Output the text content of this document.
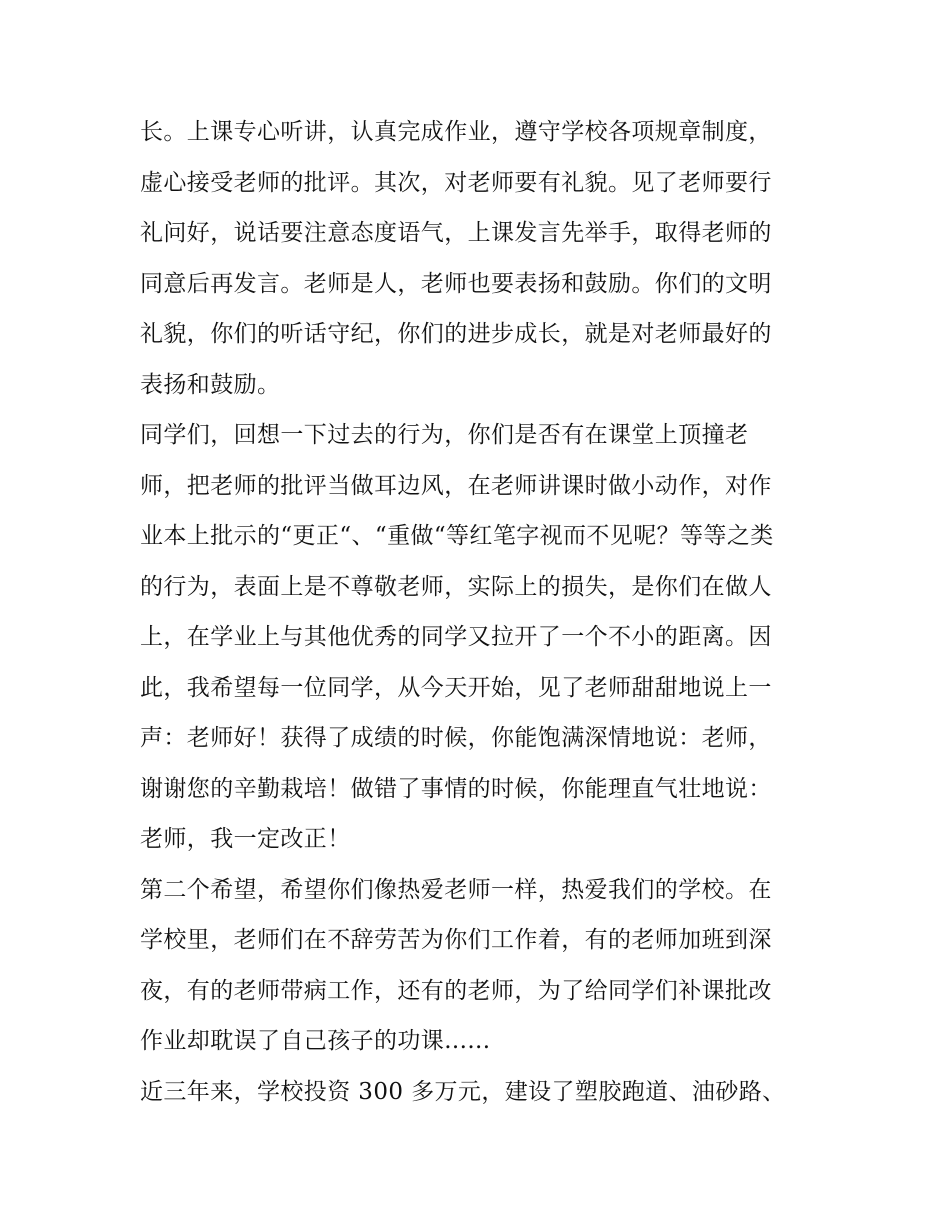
长。上课专心听讲，认真完成作业，遵守学校各项规章制度，
虚心接受老师的批评。其次，对老师要有礼貌。见了老师要行
礼问好，说话要注意态度语气，上课发言先举手，取得老师的
同意后再发言。老师是人，老师也要表扬和鼓励。你们的文明
礼貌，你们的听话守纪，你们的进步成长，就是对老师最好的
表扬和鼓励。
同学们，回想一下过去的行为，你们是否有在课堂上顶撞老
师，把老师的批评当做耳边风，在老师讲课时做小动作，对作
业本上批示的“更正“、“重做“等红笔字视而不见呢？等等之类
的行为，表面上是不尊敬老师，实际上的损失，是你们在做人
上，在学业上与其他优秀的同学又拉开了一个不小的距离。因
此，我希望每一位同学，从今天开始，见了老师甜甜地说上一
声：老师好！获得了成绩的时候，你能饱满深情地说：老师，
谢谢您的辛勤栽培！做错了事情的时候，你能理直气壮地说：
老师，我一定改正！
第二个希望，希望你们像热爱老师一样，热爱我们的学校。在
学校里，老师们在不辞劳苦为你们工作着，有的老师加班到深
夜，有的老师带病工作，还有的老师，为了给同学们补课批改
作业却耽误了自己孩子的功课......
近三年来，学校投资 300 多万元，建设了塑胶跑道、油砂路、
